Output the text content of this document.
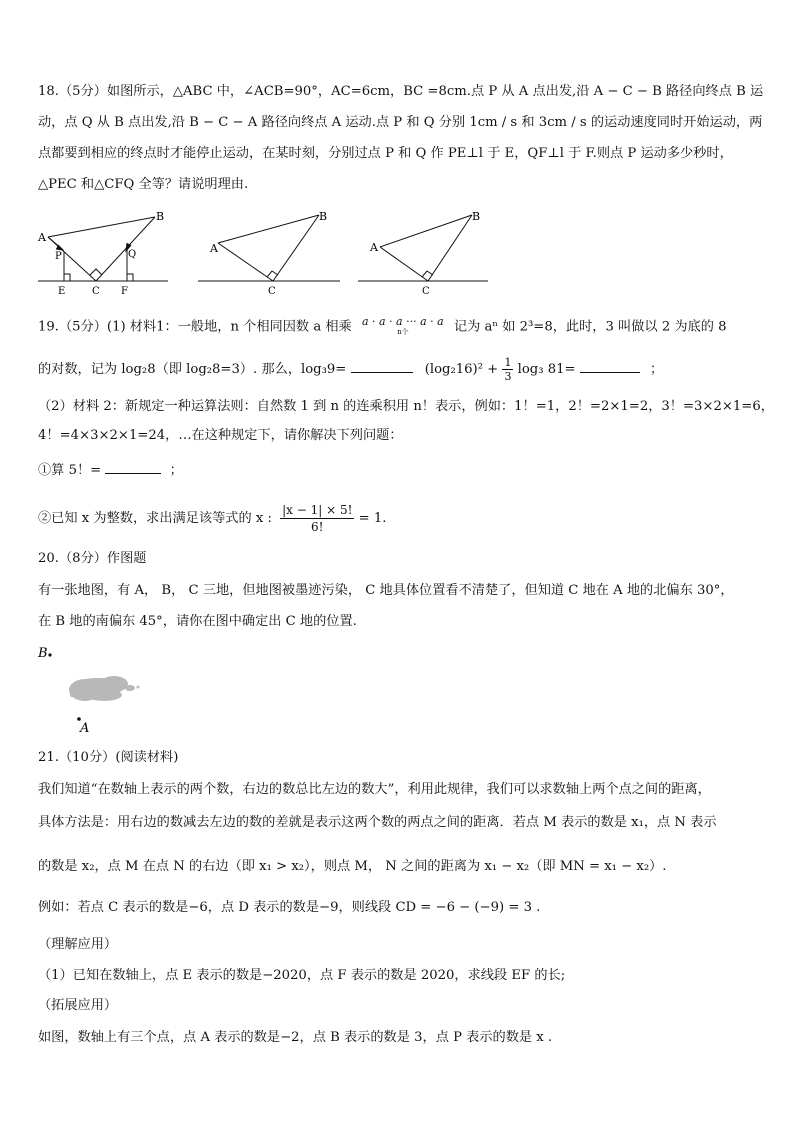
18.（5分）如图所示，△ABC 中，∠ACB=90°，AC=6cm，BC =8cm.点 P 从 A 点出发,沿 A − C − B 路径向终点 B 运
动，点 Q 从 B 点出发,沿 B − C − A 路径向终点 A 运动.点 P 和 Q 分别 1cm / s 和 3cm / s 的运动速度同时开始运动，两
点都要到相应的终点时才能停止运动，在某时刻，分别过点 P 和 Q 作 PE⊥l 于 E，QF⊥l 于 F.则点 P 运动多少秒时，
△PEC 和△CFQ 全等？请说明理由.
A
B
P	Q
E	C F
A
B
C
A
B
C
19.（5分）(1) 材料1：一般地，n 个相同因数 a 相乘 a · a · a ··· a · a
n个	记为 aⁿ 如 2³=8，此时，3 叫做以 2 为底的 8
的对数，记为 log₂8（即 log₂8=3）. 那么，log₃9=	$(\log_216)^2 + \frac{1}{3} \log_3$ 81=	；
（2）材料 2：新规定一种运算法则：自然数 1 到 n 的连乘积用 n！表示，例如：1！=1，2！=2×1=2，3！=3×2×1=6，
4！=4×3×2×1=24，…在这种规定下，请你解决下列问题：
①算 5！=	；
②已知 x 为整数，求出满足该等式的 x : $\frac{|x - 1| \times 5!}{6!} = 1$.
20.（8分）作图题
有一张地图，有 A， B， C 三地，但地图被墨迹污染， C 地具体位置看不清楚了，但知道 C 地在 A 地的北偏东 30°，
在 B 地的南偏东 45°，请你在图中确定出 C 地的位置.
B
A
21.（10分）(阅读材料)
我们知道“在数轴上表示的两个数，右边的数总比左边的数大”，利用此规律，我们可以求数轴上两个点之间的距离，
具体方法是：用右边的数减去左边的数的差就是表示这两个数的两点之间的距离．若点 M 表示的数是 x₁，点 N 表示
的数是 x₂，点 M 在点 N 的右边（即 x₁ > x₂），则点 M， N 之间的距离为 x₁ − x₂（即 MN = x₁ − x₂）.
例如：若点 C 表示的数是−6，点 D 表示的数是−9，则线段 CD = −6 − (−9) = 3 .
（理解应用）
（1）已知在数轴上，点 E 表示的数是−2020，点 F 表示的数是 2020，求线段 EF 的长;
（拓展应用）
如图，数轴上有三个点，点 A 表示的数是−2，点 B 表示的数是 3，点 P 表示的数是 x .
